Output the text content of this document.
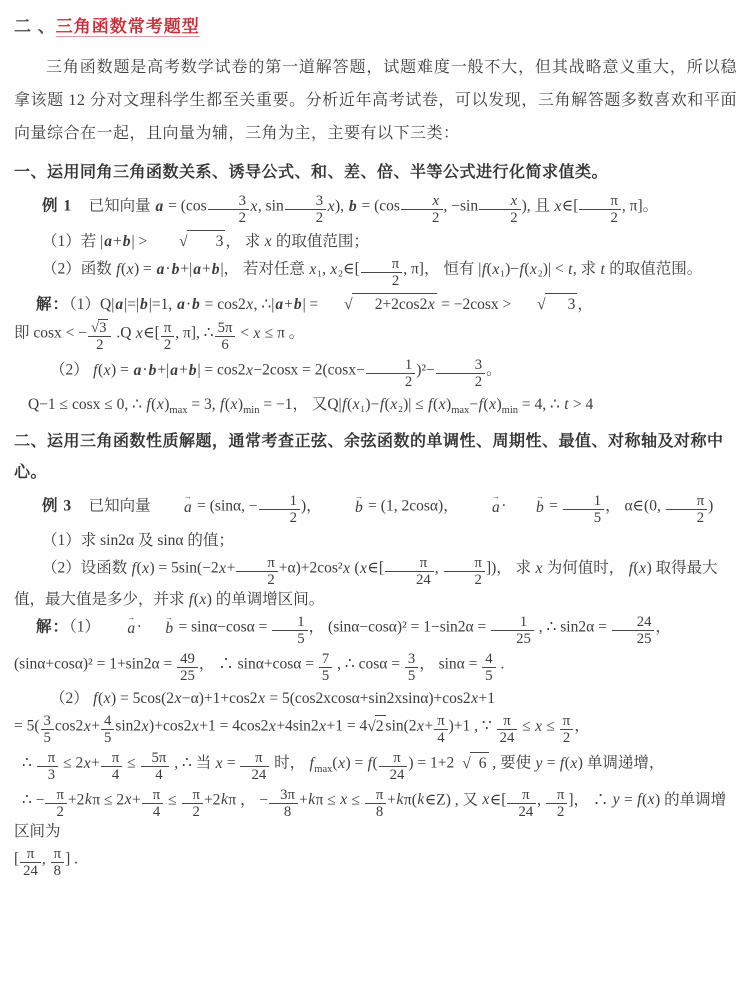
二 、三角函数常考题型
三角函数题是高考数学试卷的第一道解答题，试题难度一般不大，但其战略意义重大，所以稳拿该题 12 分对文理科学生都至关重要。分析近年高考试卷，可以发现，三角解答题多数喜欢和平面向量综合在一起，且向量为辅，三角为主，主要有以下三类：
一、运用同角三角函数关系、诱导公式、和、差、倍、半等公式进行化简求值类。
例 1　已知向量 $a = (\cos \frac{3}{2} x$, $\sin \frac{3}{2} x$), $b = (\cos \frac{x}{2}$ , $-\sin \frac{x}{2}$ ), 且 x∈[ $\frac{\pi}{2}$ , π]。
（1）若 |a+b| > √ 3 ， 求 x 的取值范围；
（2）函数 f(x) = a·b+|a+b|， 若对任意 x₁, x₂∈[ $\frac{\pi}{2}$ , π]， 恒有 |f(x₁)−f(x₂)| < t, 求 t 的取值范围。
解：（1）Q|a|=|b|=1, a·b = cos2x, ∴|a+b| = √ 2+2cos2x = −2cosx > √ 3 ，
即 cosx < − $\frac{√3}{2} .Q$ x∈[ $\frac{\pi}{2}$ , π], ∴ $\frac{5\pi}{6} < x \le \pi$ 。
（2） $f(x) = a\cdot b+|a+b| = \cos 2x-2\cos x = 2(\cos x- \frac{1}{2} )^2- \frac{3}{2}$ 。
Q−1 ≤ cosx ≤ 0, ∴ $f(x)_{max} = 3$, $f(x)_{min} = -1$， 又$Q|f(x_1)-f(x_2)| \le f(x)_{max}-f(x)_{min} = 4$, ∴ t > 4
二、运用三角函数性质解题，通常考查正弦、余弦函数的单调性、周期性、最值、对称轴及对称中心。
例 3　已知向量
→
a = (sinα, − $\frac{1}{2}$ )，
→
b = (1, 2cosα)，
→
a ·
→
$b = \frac{1}{5}$ ， α∈(0, $\frac{\pi}{2}$ )
（1）求 sin2α 及 sinα 的值；
（2）设函数 $f(x) = 5\sin(-2x+ \frac{\pi}{2} +\alpha)+2\cos^2x$ (x∈[ $\frac{\pi}{24}$ , $\frac{\pi}{2}$ ])， 求 x 为何值时， f(x) 取得最大值，最大值是多少，并求 f(x) 的单调增区间。
解：（1）
→
a ·
→
$b = \sin\alpha-\cos\alpha = \frac{1}{5}$ ， $(\sin\alpha-\cos\alpha)^2 = 1-\sin 2\alpha = \frac{1}{25}$ , ∴ $\sin 2\alpha = \frac{24}{25}$ ，
$(\sin\alpha+\cos\alpha)^2 = 1+\sin 2\alpha = \frac{49}{25}$ ， ∴ $\sin\alpha+\cos\alpha = \frac{7}{5}$ , ∴ $\cos\alpha = \frac{3}{5}$ ， $\sin\alpha = \frac{4}{5}$ .
（2） f(x) = 5cos(2x−α)+1+cos2x = 5(cos2xcosα+sin2xsinα)+cos2x+1
= $5( \frac{3}{5} \cos 2x+ \frac{4}{5} \sin 2x)+\cos 2x+1 = 4\cos 2x+4\sin 2x+1 = 4√2$ $\sin(2x+ \frac{\pi}{4} )+1$ , ∵ $\frac{\pi}{24} \le x \le \frac{\pi}{2}$ ，
∴ $\frac{\pi}{3} \le 2x+ \frac{\pi}{4} \le \frac{5\pi}{4}$ , ∴ 当 $x = \frac{\pi}{24}$ 时， $f_{max}(x) = f( \frac{\pi}{24}$ ) = 1+2 √ 6 , 要使 y = f(x) 单调递增，
∴ − $\frac{\pi}{2} +2k\pi \le 2x+ \frac{\pi}{4} \le \frac{\pi}{2} +2k\pi$ ， − $\frac{3\pi}{8} +k\pi \le x \le \frac{\pi}{8}$ +kπ(k∈Z) , 又 x∈[ $\frac{\pi}{24}$ , $\frac{\pi}{2}$ ]， ∴ y = f(x) 的单调增区间为
[ $\frac{\pi}{24}$ , $\frac{\pi}{8}$ ] .
